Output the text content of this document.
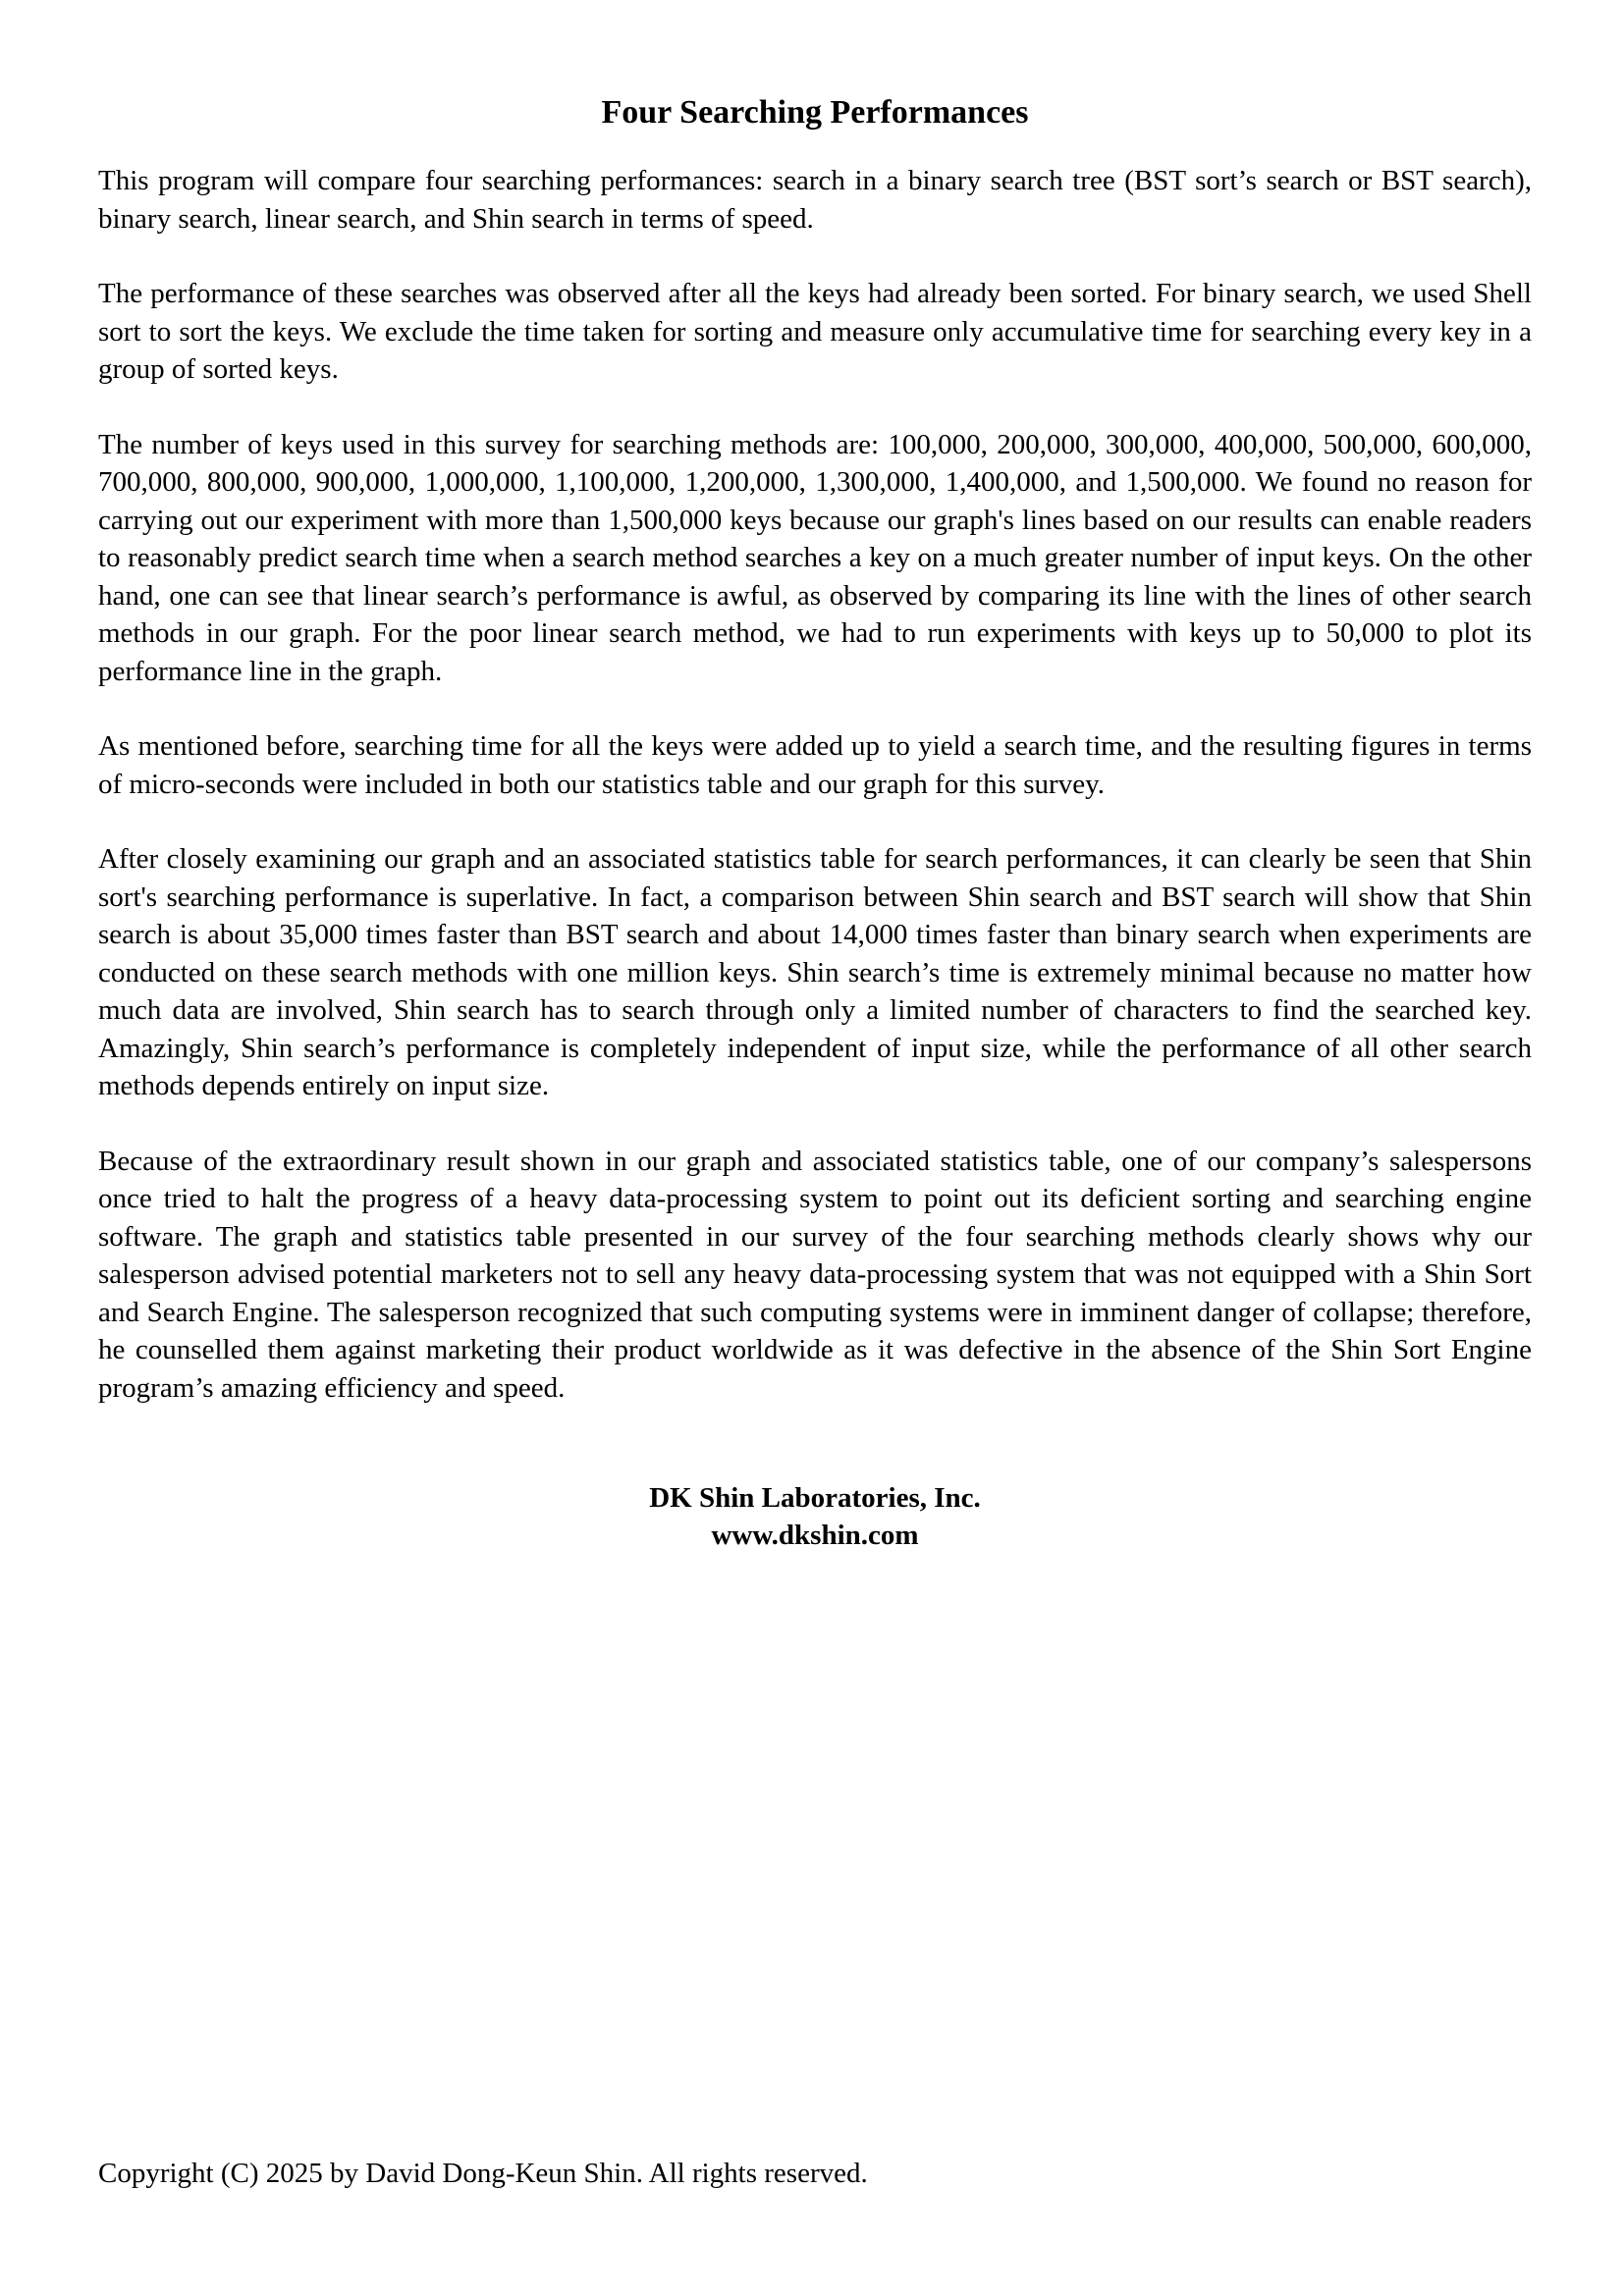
Four Searching Performances

This program will compare four searching performances: search in a binary search tree (BST sort’s search or BST search), binary search, linear search, and Shin search in terms of speed.

The performance of these searches was observed after all the keys had already been sorted. For binary search, we used Shell sort to sort the keys. We exclude the time taken for sorting and measure only accumulative time for searching every key in a group of sorted keys.

The number of keys used in this survey for searching methods are: 100,000, 200,000, 300,000, 400,000, 500,000, 600,000, 700,000, 800,000, 900,000, 1,000,000, 1,100,000, 1,200,000, 1,300,000, 1,400,000, and 1,500,000. We found no reason for carrying out our experiment with more than 1,500,000 keys because our graph's lines based on our results can enable readers to reasonably predict search time when a search method searches a key on a much greater number of input keys. On the other hand, one can see that linear search’s performance is awful, as observed by comparing its line with the lines of other search methods in our graph. For the poor linear search method, we had to run experiments with keys up to 50,000 to plot its performance line in the graph.

As mentioned before, searching time for all the keys were added up to yield a search time, and the resulting figures in terms of micro-seconds were included in both our statistics table and our graph for this survey.

After closely examining our graph and an associated statistics table for search performances, it can clearly be seen that Shin sort's searching performance is superlative. In fact, a comparison between Shin search and BST search will show that Shin search is about 35,000 times faster than BST search and about 14,000 times faster than binary search when experiments are conducted on these search methods with one million keys. Shin search’s time is extremely minimal because no matter how much data are involved, Shin search has to search through only a limited number of characters to find the searched key. Amazingly, Shin search’s performance is completely independent of input size, while the performance of all other search methods depends entirely on input size.

Because of the extraordinary result shown in our graph and associated statistics table, one of our company’s salespersons once tried to halt the progress of a heavy data-processing system to point out its deficient sorting and searching engine software. The graph and statistics table presented in our survey of the four searching methods clearly shows why our salesperson advised potential marketers not to sell any heavy data-processing system that was not equipped with a Shin Sort and Search Engine. The salesperson recognized that such computing systems were in imminent danger of collapse; therefore, he counselled them against marketing their product worldwide as it was defective in the absence of the Shin Sort Engine program’s amazing efficiency and speed.

DK Shin Laboratories, Inc.
www.dkshin.com
Copyright (C) 2025 by David Dong-Keun Shin. All rights reserved.
